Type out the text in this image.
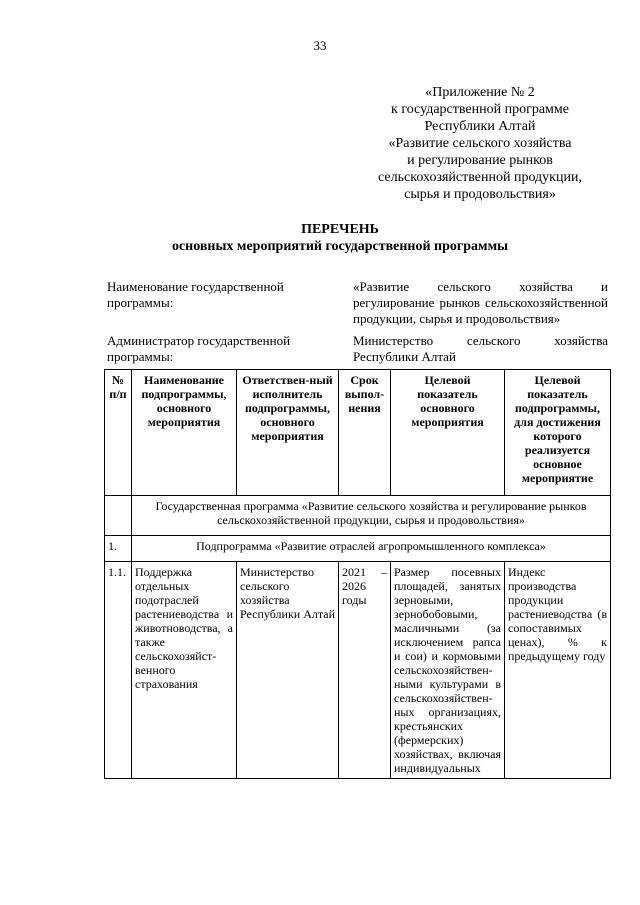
33
«Приложение № 2
к государственной программе
Республики Алтай
«Развитие сельского хозяйства
и регулирование рынков
сельскохозяйственной продукции,
сырья и продовольствия»
ПЕРЕЧЕНЬ
основных мероприятий государственной программы
Наименование государственной программы:
«Развитие сельского хозяйства и
регулирование рынков сельскохозяйственной
продукции, сырья и продовольствия»
Администратор государственной программы:
Министерство сельского хозяйства
Республики Алтай
№ п/п	Наименование подпрограммы, основного мероприятия	Ответствен-ный исполнитель подпрограммы, основного мероприятия	Срок выпол-нения	Целевой показатель основного мероприятия	Целевой показатель подпрограммы, для достижения которого реализуется основное мероприятие
	Государственная программа «Развитие сельского хозяйства и регулирование рынков сельскохозяйственной продукции, сырья и продовольствия»				
1.	Подпрограмма «Развитие отраслей агропромышленного комплекса»				
1.1.	Поддержка отдельных подотраслей растениеводства и животноводства, а также сельскохозяйст-венного страхования	Министерство сельского хозяйства Республики Алтай	2021 – 2026 годы	Размер посевных площадей, занятых зерновыми, зернобобовыми, масличными (за исключением рапса и сои) и кормовыми сельскохозяйствен-ными культурами в сельскохозяйствен-ных организациях, крестьянских (фермерских) хозяйствах, включая индивидуальных	Индекс производства продукции растениеводства (в сопоставимых ценах), % к предыдущему году
